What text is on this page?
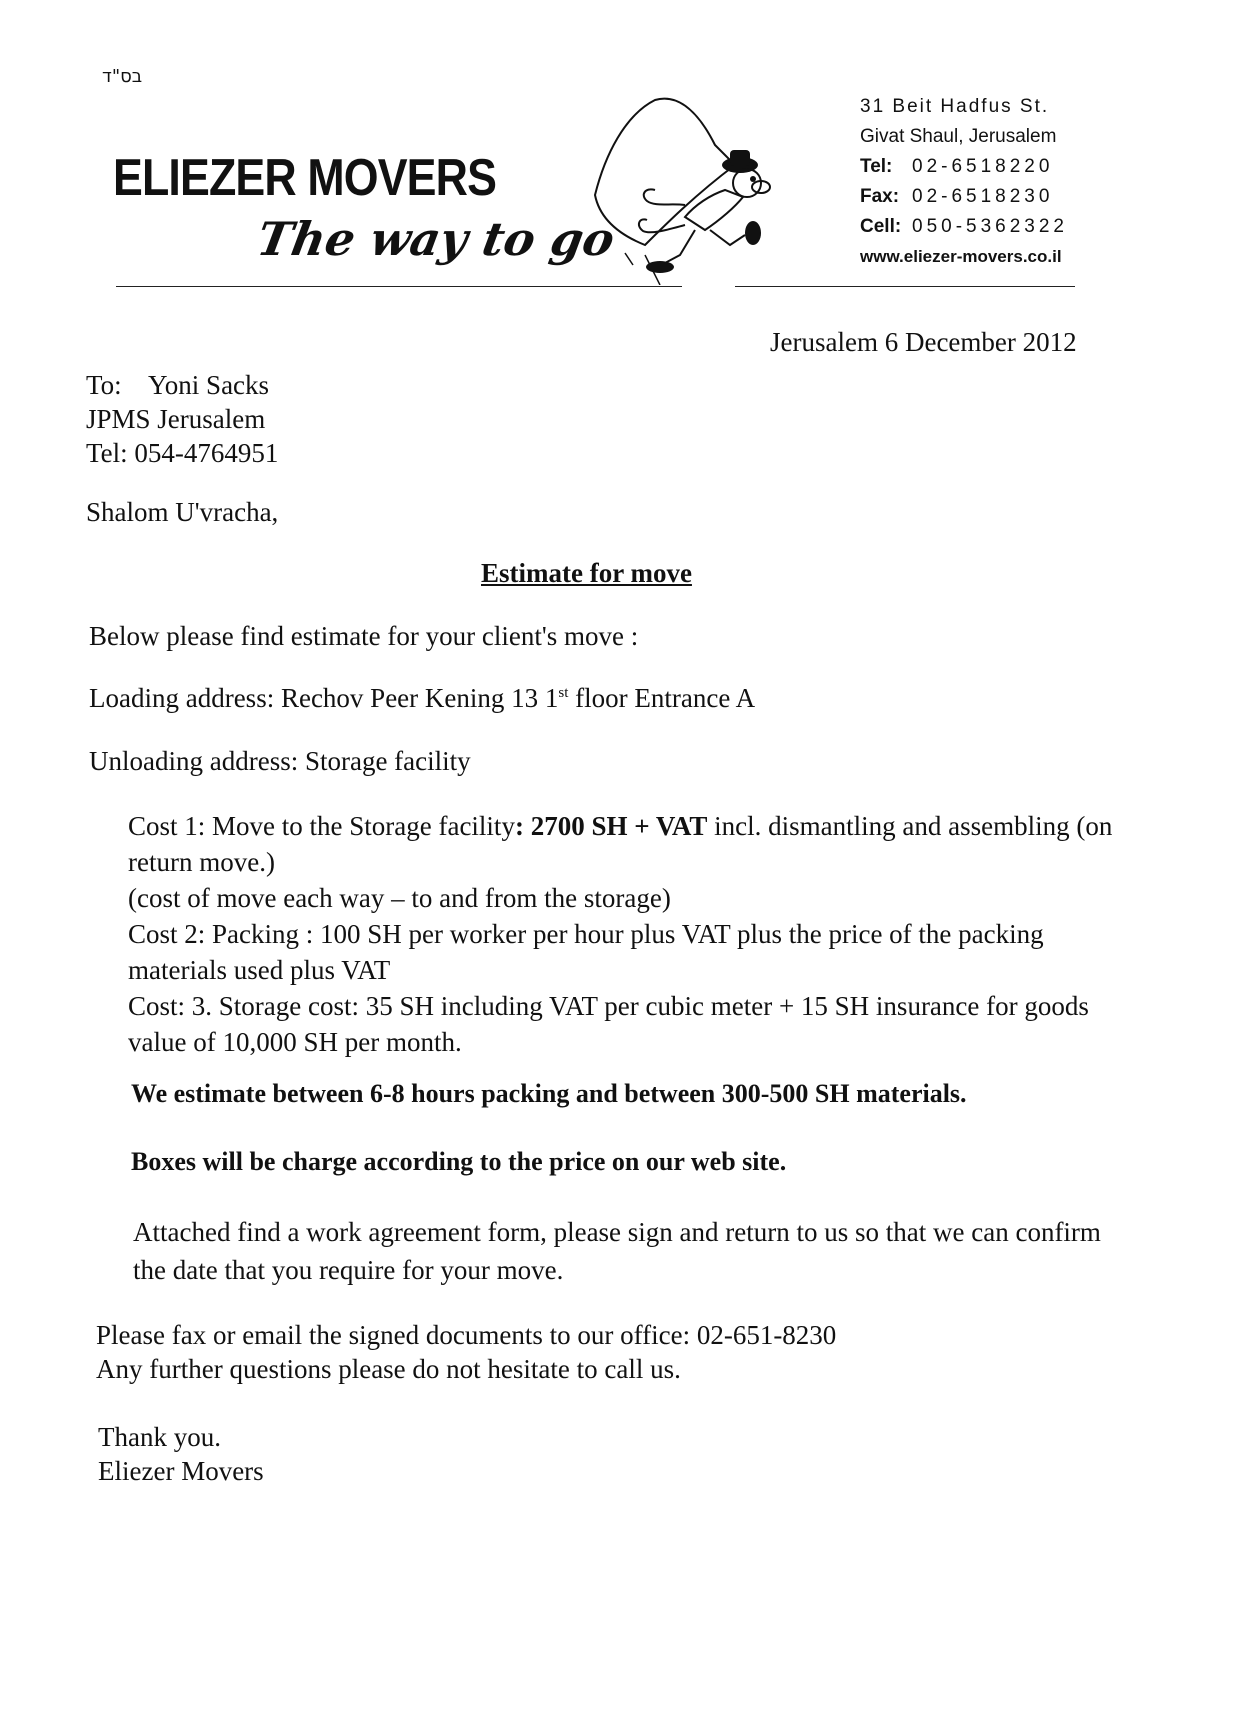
בס"ד
ELIEZER MOVERS
The way to go
31 Beit Hadfus St.
Givat Shaul, Jerusalem
Tel: 02-6518220
Fax: 02-6518230
Cell: 050-5362322
www.eliezer-movers.co.il
Jerusalem 6 December 2012
To: Yoni Sacks
JPMS Jerusalem
Tel: 054-4764951
Shalom U'vracha,
Estimate for move
Below please find estimate for your client's move :
Loading address: Rechov Peer Kening 13 1st floor Entrance A
Unloading address: Storage facility

Cost 1: Move to the Storage facility: 2700 SH + VAT incl. dismantling and assembling (on return move.)

(cost of move each way – to and from the storage)

Cost 2: Packing : 100 SH per worker per hour plus VAT plus the price of the packing materials used plus VAT

Cost: 3. Storage cost: 35 SH including VAT per cubic meter + 15 SH insurance for goods value of 10,000 SH per month.

We estimate between 6-8 hours packing and between 300-500 SH materials.
Boxes will be charge according to the price on our web site.
Attached find a work agreement form, please sign and return to us so that we can confirm the date that you require for your move.
Please fax or email the signed documents to our office: 02-651-8230
Any further questions please do not hesitate to call us.
Thank you.
Eliezer Movers
